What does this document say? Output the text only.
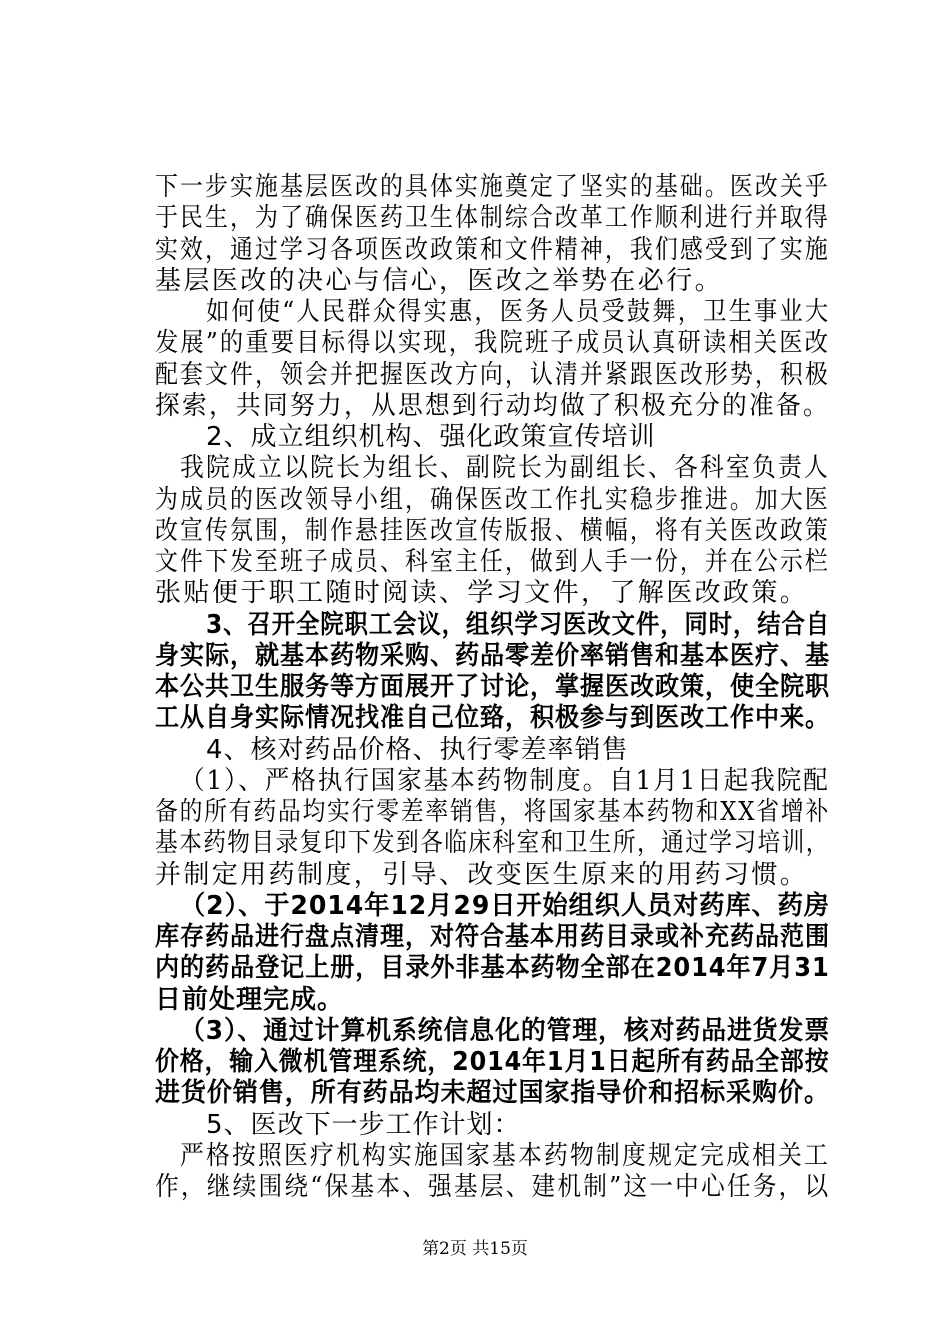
下一步实施基层医改的具体实施奠定了坚实的基础。医改关乎
于民生，为了确保医药卫生体制综合改革工作顺利进行并取得
实效，通过学习各项医改政策和文件精神，我们感受到了实施
基层医改的决心与信心，医改之举势在必行。
如何使“人民群众得实惠，医务人员受鼓舞，卫生事业大
发展”的重要目标得以实现，我院班子成员认真研读相关医改
配套文件，领会并把握医改方向，认清并紧跟医改形势，积极
探索，共同努力，从思想到行动均做了积极充分的准备。
2、成立组织机构、强化政策宣传培训
我院成立以院长为组长、副院长为副组长、各科室负责人
为成员的医改领导小组，确保医改工作扎实稳步推进。加大医
改宣传氛围，制作悬挂医改宣传版报、横幅，将有关医改政策
文件下发至班子成员、科室主任，做到人手一份，并在公示栏
张贴便于职工随时阅读、学习文件，了解医改政策。
3、召开全院职工会议，组织学习医改文件，同时，结合自
身实际，就基本药物采购、药品零差价率销售和基本医疗、基
本公共卫生服务等方面展开了讨论，掌握医改政策，使全院职
工从自身实际情况找准自己位臵，积极参与到医改工作中来。
4、核对药品价格、执行零差率销售
（1）、严格执行国家基本药物制度。自1月1日起我院配
备的所有药品均实行零差率销售，将国家基本药物和XX省增补
基本药物目录复印下发到各临床科室和卫生所，通过学习培训，
并制定用药制度，引导、改变医生原来的用药习惯。
（2）、于2014年12月29日开始组织人员对药库、药房
库存药品进行盘点清理，对符合基本用药目录或补充药品范围
内的药品登记上册，目录外非基本药物全部在2014年7月31
日前处理完成。
（3）、通过计算机系统信息化的管理，核对药品进货发票
价格，输入微机管理系统，2014年1月1日起所有药品全部按
进货价销售，所有药品均未超过国家指导价和招标采购价。
5、医改下一步工作计划：
严格按照医疗机构实施国家基本药物制度规定完成相关工
作，继续围绕“保基本、强基层、建机制”这一中心任务，以
第2页 共15页
